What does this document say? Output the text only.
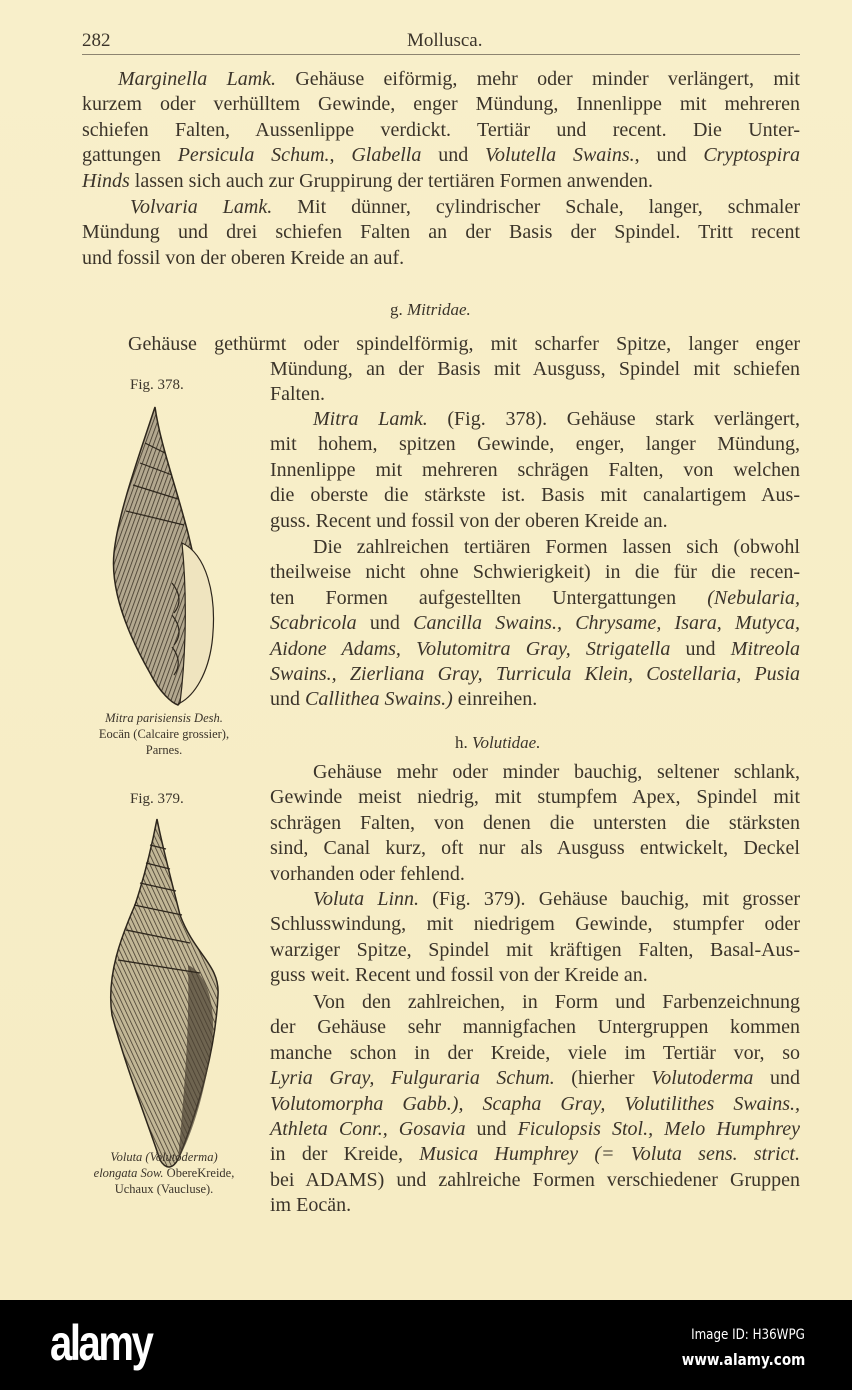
282	Mollusca.
Marginella Lamk. Gehäuse eiförmig, mehr oder minder verlängert, mit
kurzem oder verhülltem Gewinde, enger Mündung, Innenlippe mit mehreren
schiefen Falten, Aussenlippe verdickt. Tertiär und recent. Die Unter-
gattungen Persicula Schum., Glabella und Volutella Swains., und Cryptospira
Hinds lassen sich auch zur Gruppirung der tertiären Formen anwenden.
Volvaria Lamk. Mit dünner, cylindrischer Schale, langer, schmaler
Mündung und drei schiefen Falten an der Basis der Spindel. Tritt recent
und fossil von der oberen Kreide an auf.
g. Mitridae.
Gehäuse gethürmt oder spindelförmig, mit scharfer Spitze, langer enger
Mündung, an der Basis mit Ausguss, Spindel mit schiefen
Falten.
Mitra Lamk. (Fig. 378). Gehäuse stark verlängert,
mit hohem, spitzen Gewinde, enger, langer Mündung,
Innenlippe mit mehreren schrägen Falten, von welchen
die oberste die stärkste ist. Basis mit canalartigem Aus-
guss. Recent und fossil von der oberen Kreide an.
Die zahlreichen tertiären Formen lassen sich (obwohl
theilweise nicht ohne Schwierigkeit) in die für die recen-
ten Formen aufgestellten Untergattungen (Nebularia,
Scabricola und Cancilla Swains., Chrysame, Isara, Mutyca,
Aidone Adams, Volutomitra Gray, Strigatella und Mitreola
Swains., Zierliana Gray, Turricula Klein, Costellaria, Pusia
und Callithea Swains.) einreihen.
h. Volutidae.
Gehäuse mehr oder minder bauchig, seltener schlank,
Gewinde meist niedrig, mit stumpfem Apex, Spindel mit
schrägen Falten, von denen die untersten die stärksten
sind, Canal kurz, oft nur als Ausguss entwickelt, Deckel
vorhanden oder fehlend.
Voluta Linn. (Fig. 379). Gehäuse bauchig, mit grosser
Schlusswindung, mit niedrigem Gewinde, stumpfer oder
warziger Spitze, Spindel mit kräftigen Falten, Basal-Aus-
guss weit. Recent und fossil von der Kreide an.
Von den zahlreichen, in Form und Farbenzeichnung
der Gehäuse sehr mannigfachen Untergruppen kommen
manche schon in der Kreide, viele im Tertiär vor, so
Lyria Gray, Fulguraria Schum. (hierher Volutoderma und
Volutomorpha Gabb.), Scapha Gray, Volutilithes Swains.,
Athleta Conr., Gosavia und Ficulopsis Stol., Melo Humphrey
in der Kreide, Musica Humphrey (= Voluta sens. strict.
bei ADAMS) und zahlreiche Formen verschiedener Gruppen
im Eocän.
Fig. 378.
Mitra parisiensis Desh.
Eocän (Calcaire grossier),
Parnes.
Fig. 379.
Voluta (Volutoderma)
elongata Sow. ObereKreide,
Uchaux (Vaucluse).
alamy	Image ID: H36WPG
www.alamy.com
